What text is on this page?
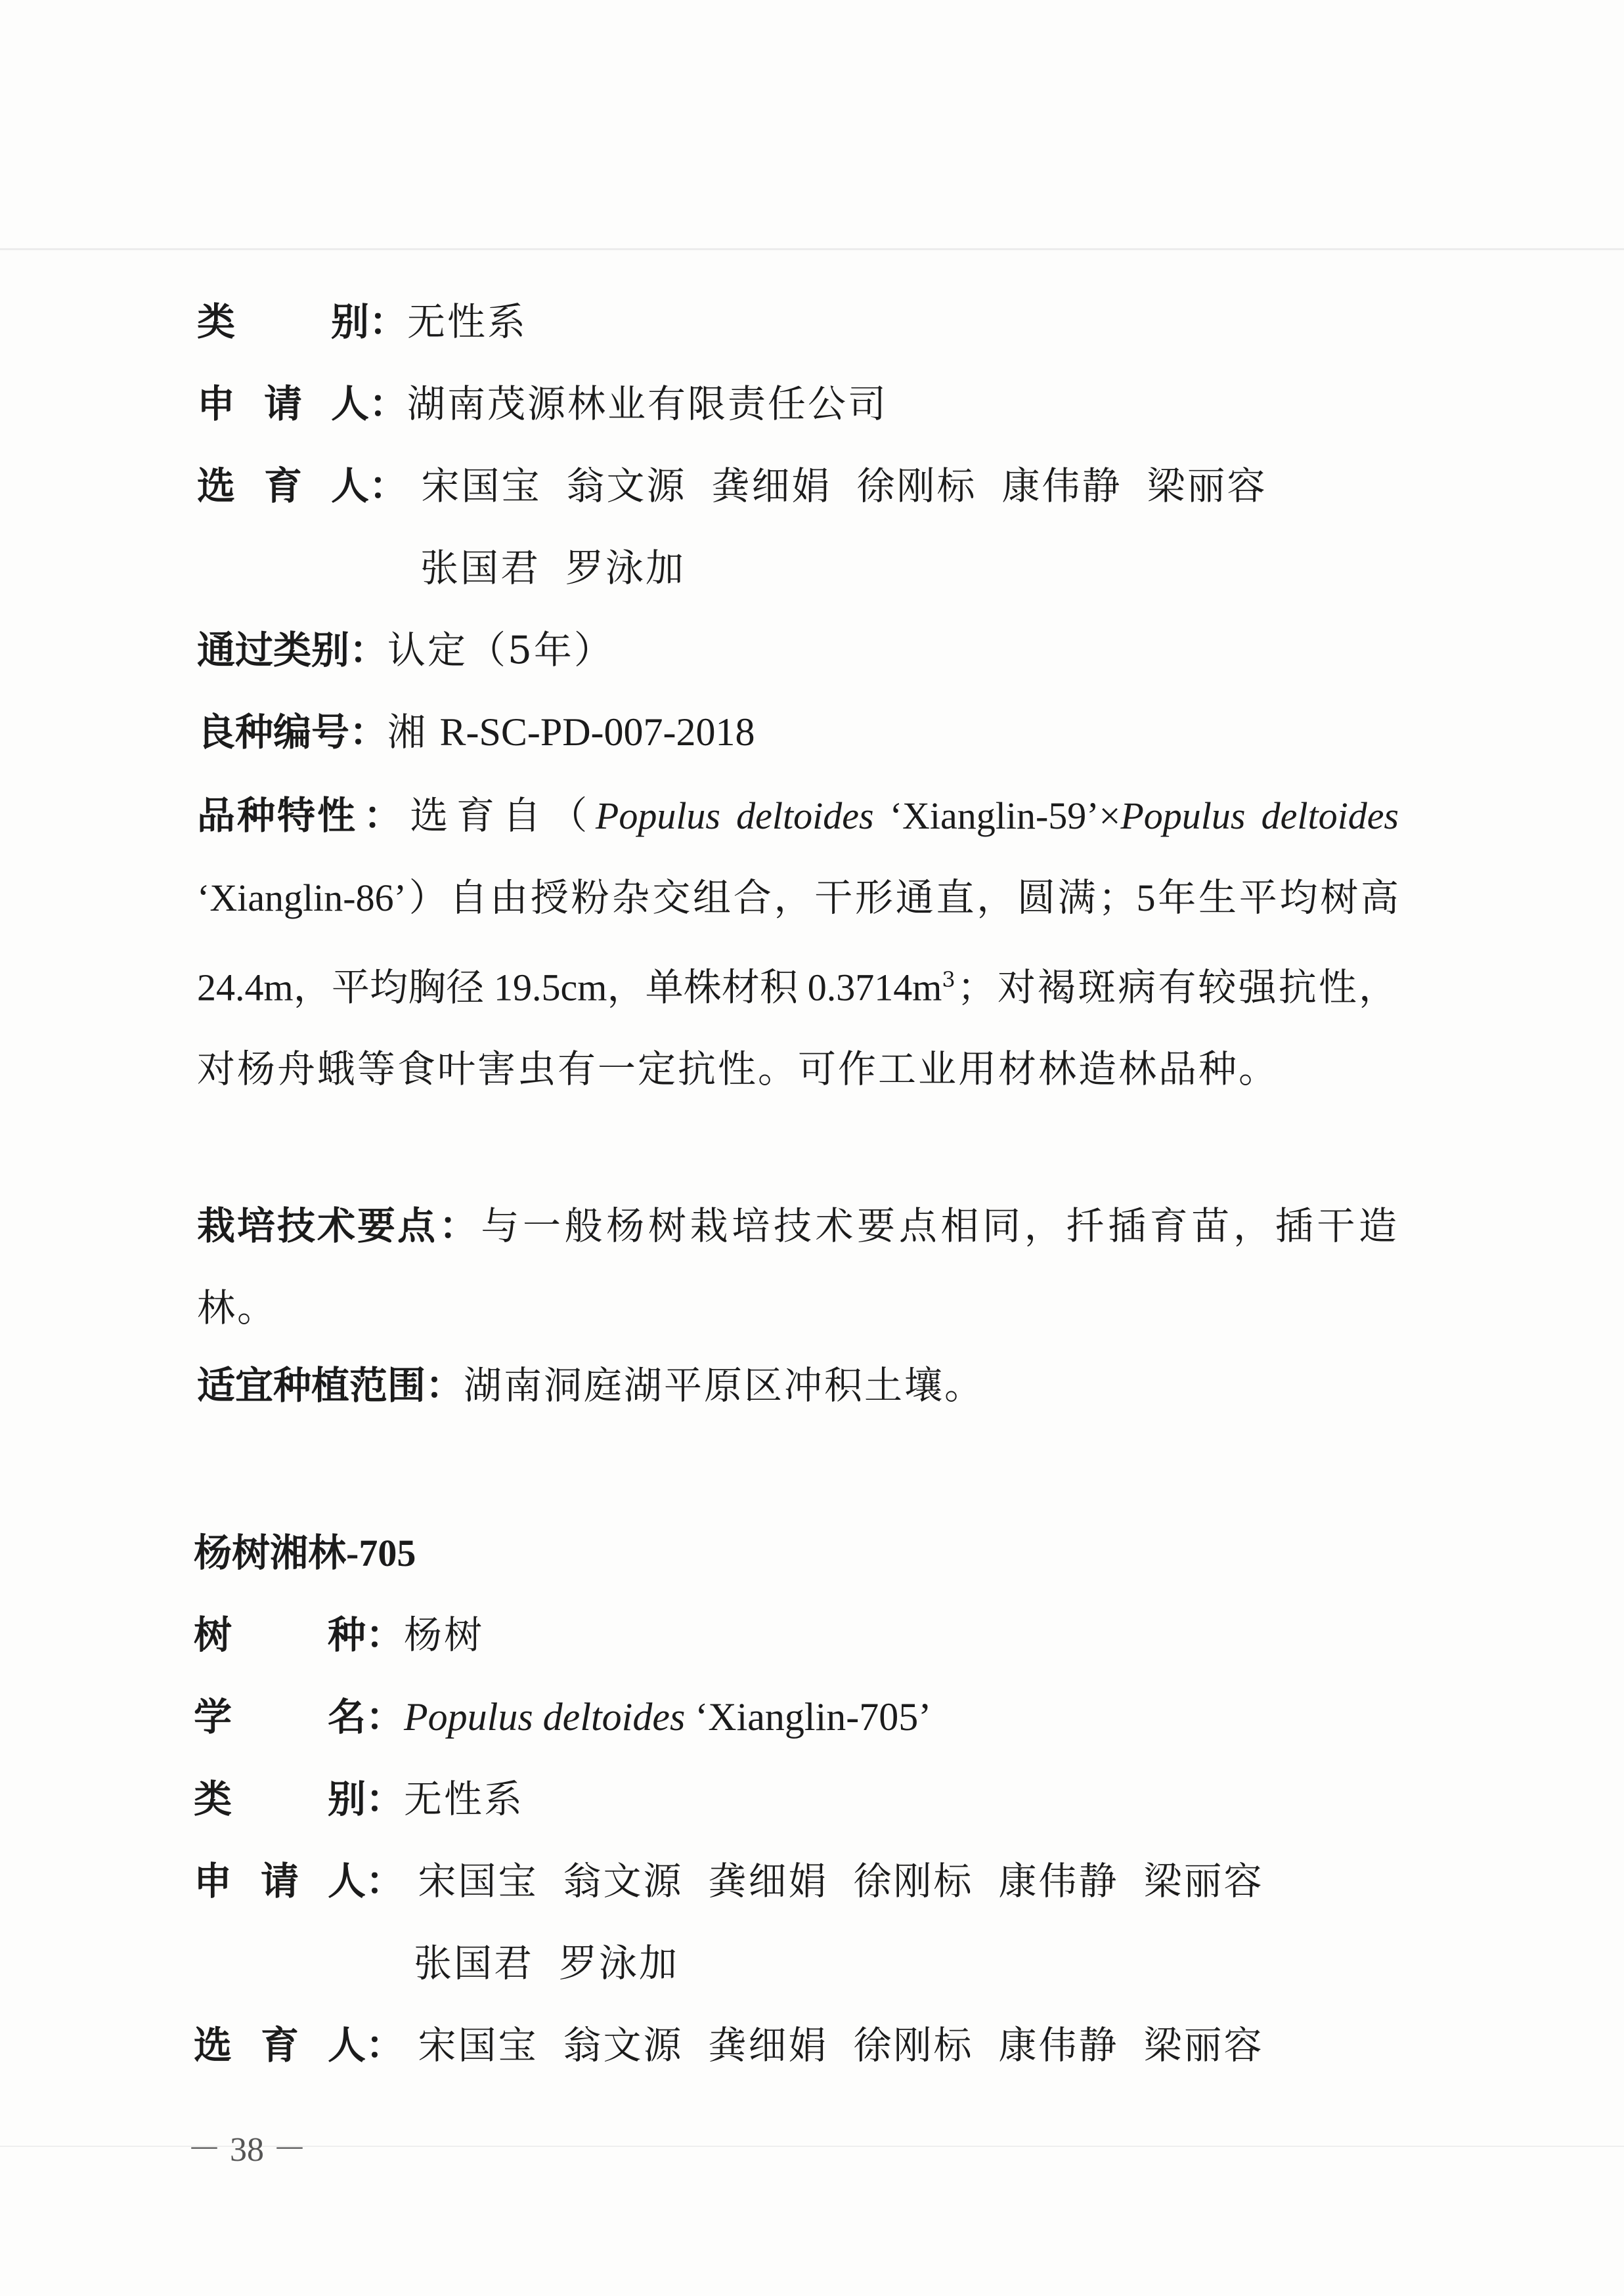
类	别 ：无性系
申 请 人 ：湖南茂源林业有限责任公司
选 育 人 ： 宋国宝 翁文源 龚细娟 徐刚标 康伟静 梁丽容
张国君 罗泳加
通过类别：认定（5年）
良种编号：湘 R-SC-PD-007-2018
品种特性：选育自（Populus deltoides ‘Xianglin-59’×Populus deltoides ‘Xianglin-86’）自由授粉杂交组合，干形通直，圆满；5年生平均树高 24.4m，平均胸径 19.5cm，单株材积 $0.3714m^3$；对褐斑病有较强抗性，对杨舟蛾等食叶害虫有一定抗性。可作工业用材林造林品种。
栽培技术要点：与一般杨树栽培技术要点相同，扦插育苗，插干造林。
适宜种植范围：湖南洞庭湖平原区冲积土壤。
杨树湘林-705
树	种 ：杨树
学	名 ：Populus deltoides ‘Xianglin-705’
类	别 ：无性系
申 请 人 ： 宋国宝 翁文源 龚细娟 徐刚标 康伟静 梁丽容
张国君 罗泳加
选 育 人 ： 宋国宝 翁文源 龚细娟 徐刚标 康伟静 梁丽容
－ 38 －
